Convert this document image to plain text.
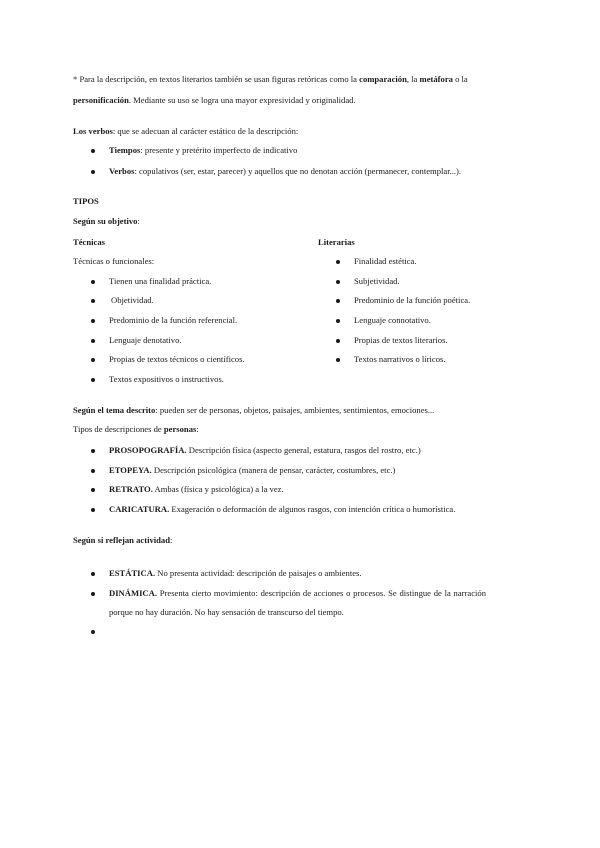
* Para la descripción, en textos literarios también se usan figuras retóricas como la comparación, la metáfora o la
personificación. Mediante su uso se logra una mayor expresividad y originalidad.
Los verbos: que se adecuan al carácter estático de la descripción:
Tiempos: presente y pretérito imperfecto de indicativo
Verbos: copulativos (ser, estar, parecer) y aquellos que no denotan acción (permanecer, contemplar...).
TIPOS
Según su objetivo:
Técnicas
Técnicas o funcionales:
Tienen una finalidad práctica.
Objetividad.
Predominio de la función referencial.
Lenguaje denotativo.
Propias de textos técnicos o científicos.
Textos expositivos o instructivos.
Literarias
Finalidad estética.
Subjetividad.
Predominio de la función poética.
Lenguaje connotativo.
Propias de textos literarios.
Textos narrativos o líricos.
Según el tema descrito: pueden ser de personas, objetos, paisajes, ambientes, sentimientos, emociones...
Tipos de descripciones de personas:
PROSOPOGRAFÍA. Descripción física (aspecto general, estatura, rasgos del rostro, etc.)
ETOPEYA. Descripción psicológica (manera de pensar, carácter, costumbres, etc.)
RETRATO. Ambas (física y psicológica) a la vez.
CARICATURA. Exageración o deformación de algunos rasgos, con intención crítica o humorística.
Según si reflejan actividad:
ESTÁTICA. No presenta actividad: descripción de paisajes o ambientes.
DINÁMICA. Presenta cierto movimiento: descripción de acciones o procesos. Se distingue de la narración
porque no hay duración. No hay sensación de transcurso del tiempo.
